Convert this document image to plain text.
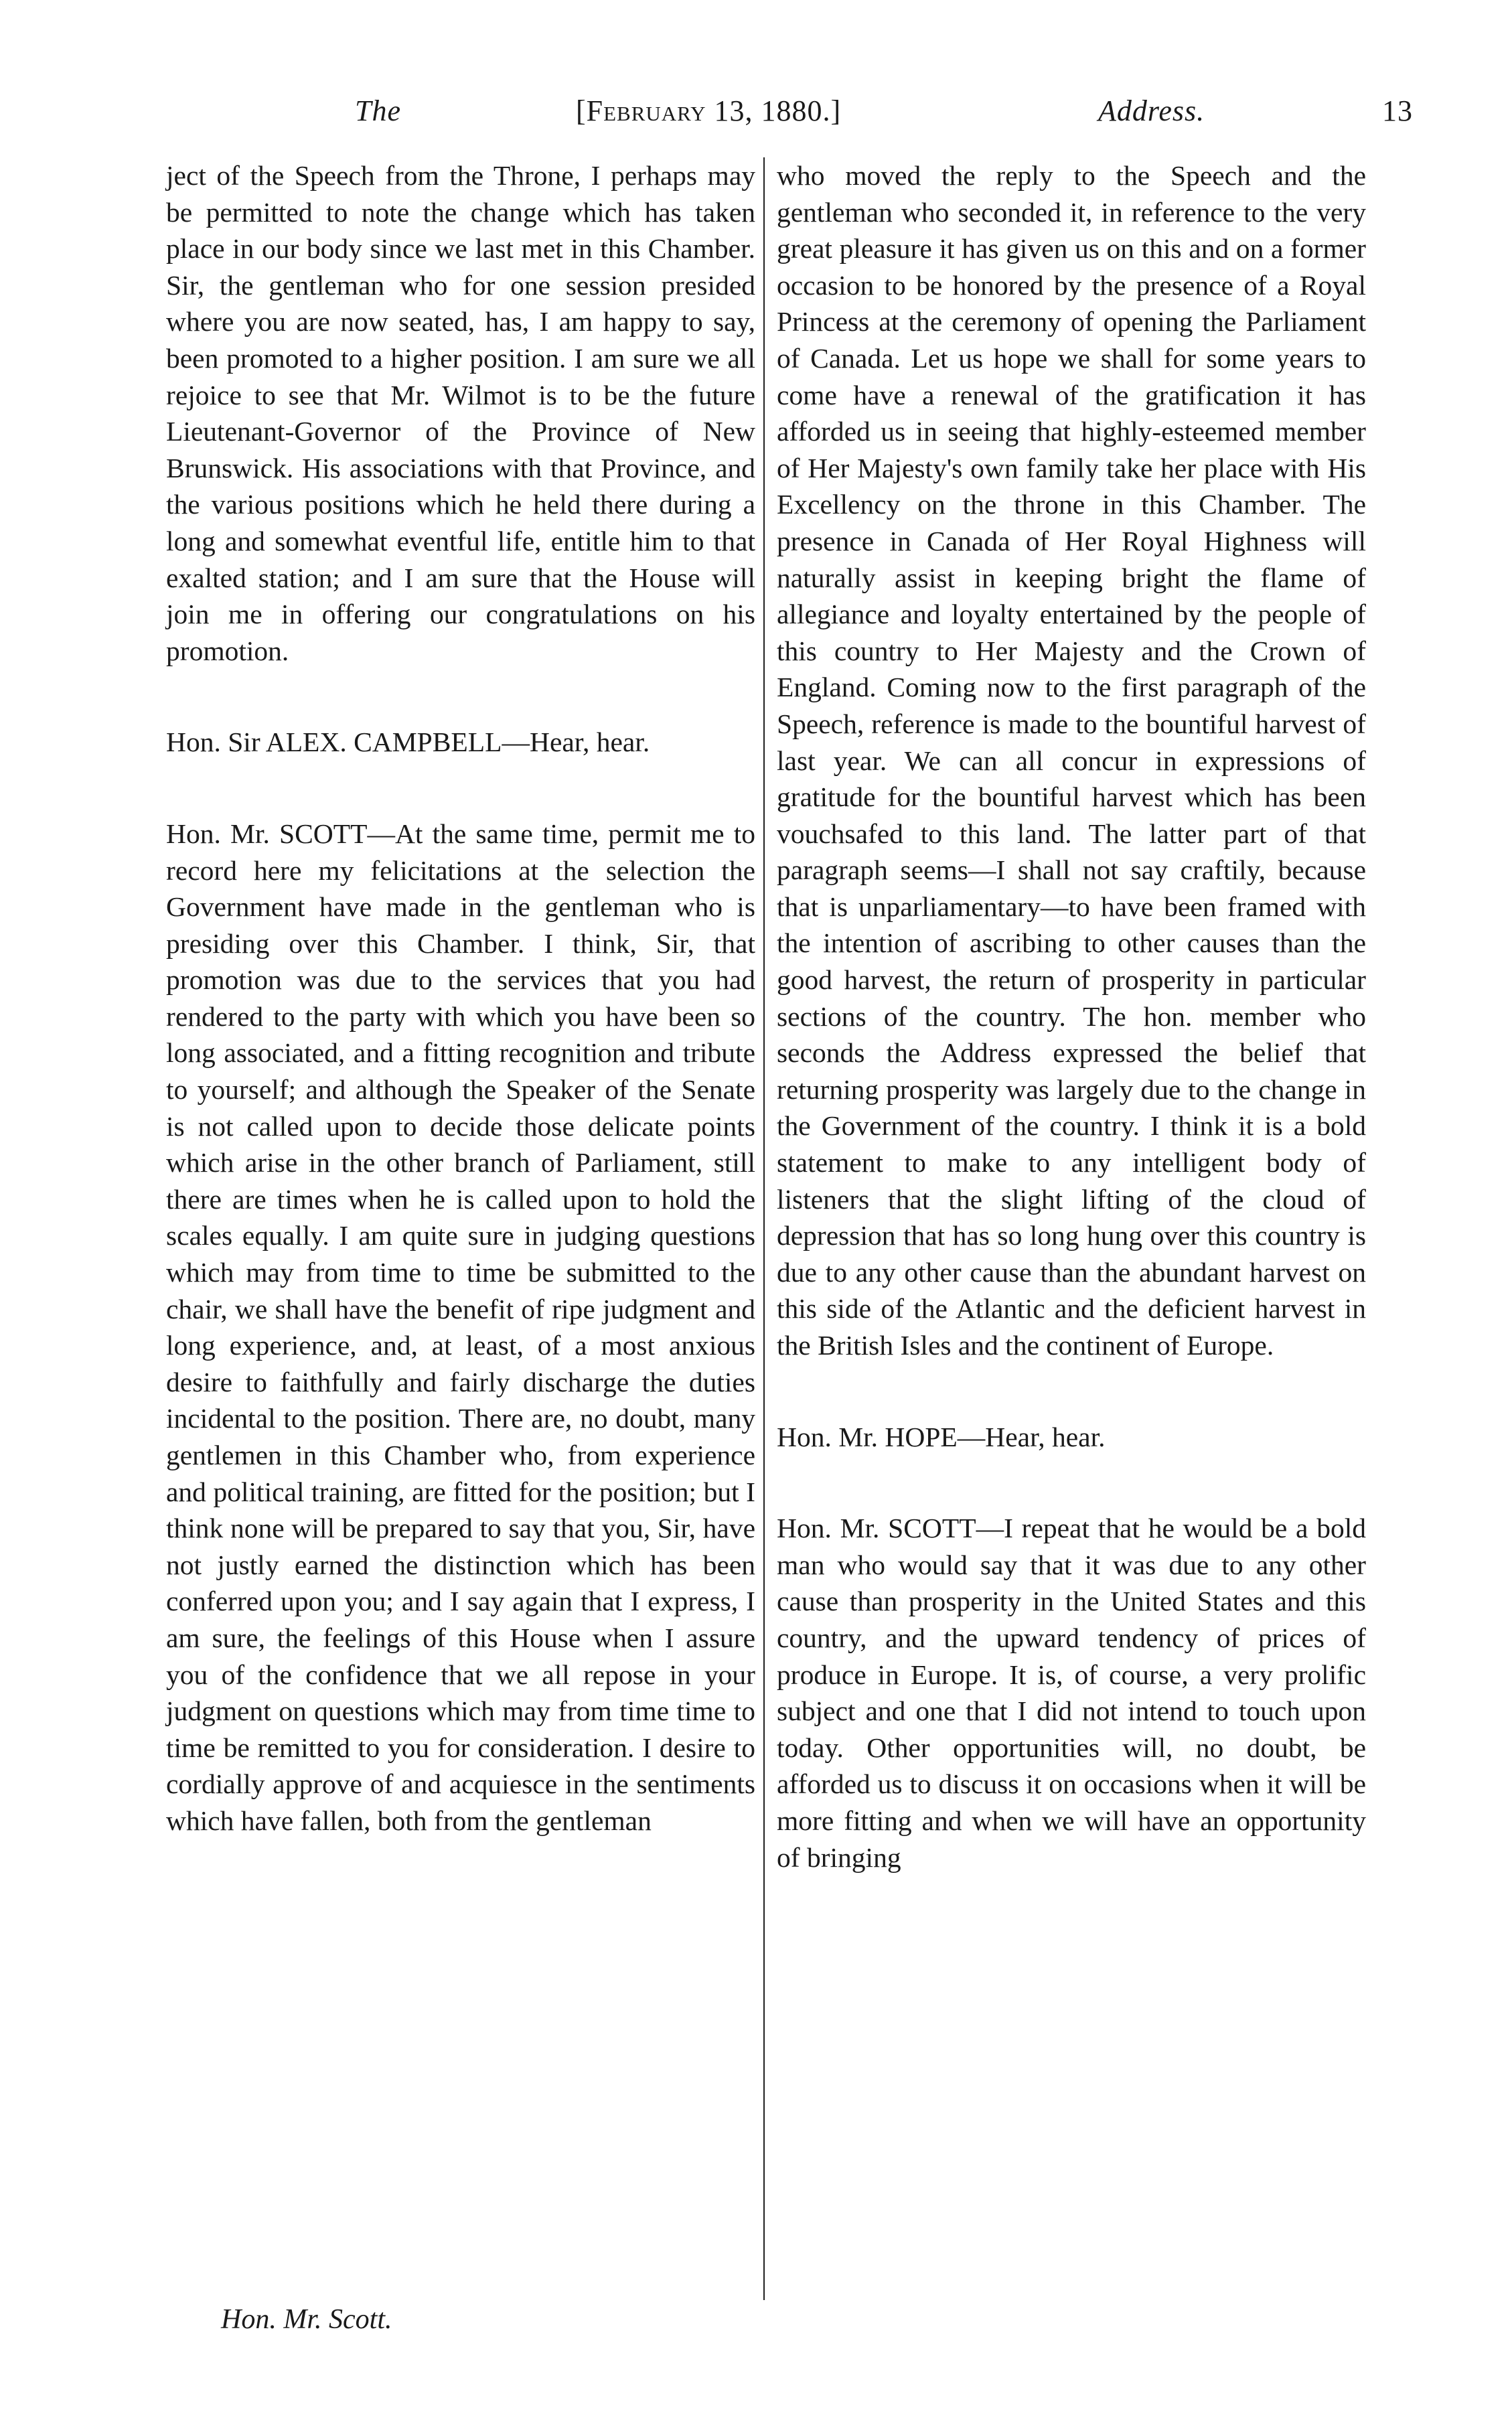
The	[February 13, 1880.]	Address.	13

ject of the Speech from the Throne, I perhaps may be permitted to note the change which has taken place in our body since we last met in this Chamber. Sir, the gentleman who for one session presided where you are now seated, has, I am happy to say, been promoted to a higher position. I am sure we all rejoice to see that Mr. Wilmot is to be the future Lieutenant-Governor of the Province of New Brunswick. His associations with that Province, and the various positions which he held there during a long and somewhat eventful life, entitle him to that exalted station; and I am sure that the House will join me in offering our congratulations on his promotion.

Hon. Sir ALEX. CAMPBELL—Hear, hear.

Hon. Mr. SCOTT—At the same time, permit me to record here my felicitations at the selection the Government have made in the gentleman who is presiding over this Chamber. I think, Sir, that promotion was due to the services that you had rendered to the party with which you have been so long associated, and a fitting recognition and tribute to yourself; and although the Speaker of the Senate is not called upon to decide those delicate points which arise in the other branch of Parliament, still there are times when he is called upon to hold the scales equally. I am quite sure in judging questions which may from time to time be submitted to the chair, we shall have the benefit of ripe judgment and long experience, and, at least, of a most anxious desire to faithfully and fairly discharge the duties incidental to the position. There are, no doubt, many gentlemen in this Chamber who, from experience and political training, are fitted for the position; but I think none will be prepared to say that you, Sir, have not justly earned the distinction which has been conferred upon you; and I say again that I express, I am sure, the feelings of this House when I assure you of the confidence that we all repose in your judgment on questions which may from time time to time be remitted to you for consideration. I desire to cordially approve of and acquiesce in the sentiments which have fallen, both from the gentleman

who moved the reply to the Speech and the gentleman who seconded it, in reference to the very great pleasure it has given us on this and on a former occasion to be honored by the presence of a Royal Princess at the ceremony of opening the Parliament of Canada. Let us hope we shall for some years to come have a renewal of the gratification it has afforded us in seeing that highly-esteemed member of Her Majesty's own family take her place with His Excellency on the throne in this Chamber. The presence in Canada of Her Royal Highness will naturally assist in keeping bright the flame of allegiance and loyalty entertained by the people of this country to Her Majesty and the Crown of England. Coming now to the first paragraph of the Speech, reference is made to the bountiful harvest of last year. We can all concur in expressions of gratitude for the bountiful harvest which has been vouchsafed to this land. The latter part of that paragraph seems—I shall not say craftily, because that is unparliamentary—to have been framed with the intention of ascribing to other causes than the good harvest, the return of prosperity in particular sections of the country. The hon. member who seconds the Address expressed the belief that returning prosperity was largely due to the change in the Government of the country. I think it is a bold statement to make to any intelligent body of listeners that the slight lifting of the cloud of depression that has so long hung over this country is due to any other cause than the abundant harvest on this side of the Atlantic and the deficient harvest in the British Isles and the continent of Europe.

Hon. Mr. HOPE—Hear, hear.

Hon. Mr. SCOTT—I repeat that he would be a bold man who would say that it was due to any other cause than prosperity in the United States and this country, and the upward tendency of prices of produce in Europe. It is, of course, a very prolific subject and one that I did not intend to touch upon today. Other opportunities will, no doubt, be afforded us to discuss it on occasions when it will be more fitting and when we will have an opportunity of bringing

Hon. Mr. Scott.
